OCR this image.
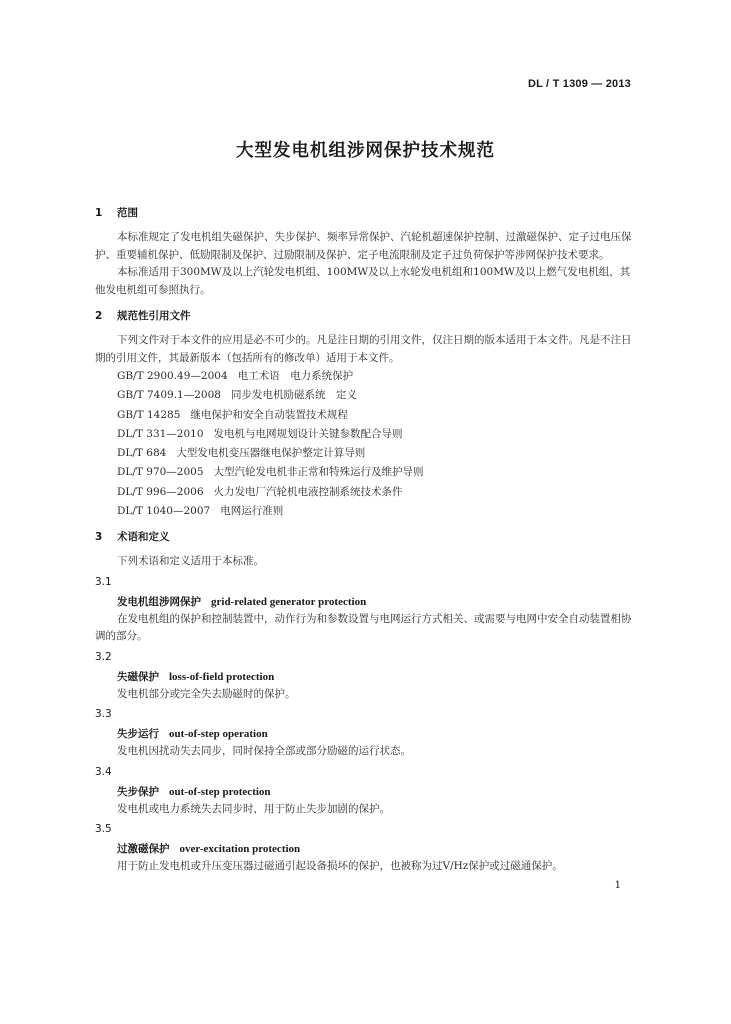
DL / T 1309 — 2013
大型发电机组涉网保护技术规范
1 范围

本标准规定了发电机组失磁保护、失步保护、频率异常保护、汽轮机超速保护控制、过激磁保护、定子过电压保护、重要辅机保护、低励限制及保护、过励限制及保护、定子电流限制及定子过负荷保护等涉网保护技术要求。

本标准适用于300MW及以上汽轮发电机组、100MW及以上水轮发电机组和100MW及以上燃气发电机组，其他发电机组可参照执行。

2 规范性引用文件

下列文件对于本文件的应用是必不可少的。凡是注日期的引用文件，仅注日期的版本适用于本文件。凡是不注日期的引用文件，其最新版本（包括所有的修改单）适用于本文件。

GB/T 2900.49—2004 电工术语　电力系统保护
GB/T 7409.1—2008 同步发电机励磁系统　定义
GB/T 14285 继电保护和安全自动装置技术规程
DL/T 331—2010 发电机与电网规划设计关键参数配合导则
DL/T 684 大型发电机变压器继电保护整定计算导则
DL/T 970—2005 大型汽轮发电机非正常和特殊运行及维护导则
DL/T 996—2006 火力发电厂汽轮机电液控制系统技术条件
DL/T 1040—2007 电网运行准则
3 术语和定义

下列术语和定义适用于本标准。

3.1
发电机组涉网保护 grid-related generator protection

在发电机组的保护和控制装置中，动作行为和参数设置与电网运行方式相关、或需要与电网中安全自动装置相协调的部分。

3.2
失磁保护 loss-of-field protection

发电机部分或完全失去励磁时的保护。

3.3
失步运行 out-of-step operation

发电机因扰动失去同步，同时保持全部或部分励磁的运行状态。

3.4
失步保护 out-of-step protection

发电机或电力系统失去同步时，用于防止失步加剧的保护。

3.5
过激磁保护 over-excitation protection

用于防止发电机或升压变压器过磁通引起设备损坏的保护，也被称为过V/Hz保护或过磁通保护。

1
